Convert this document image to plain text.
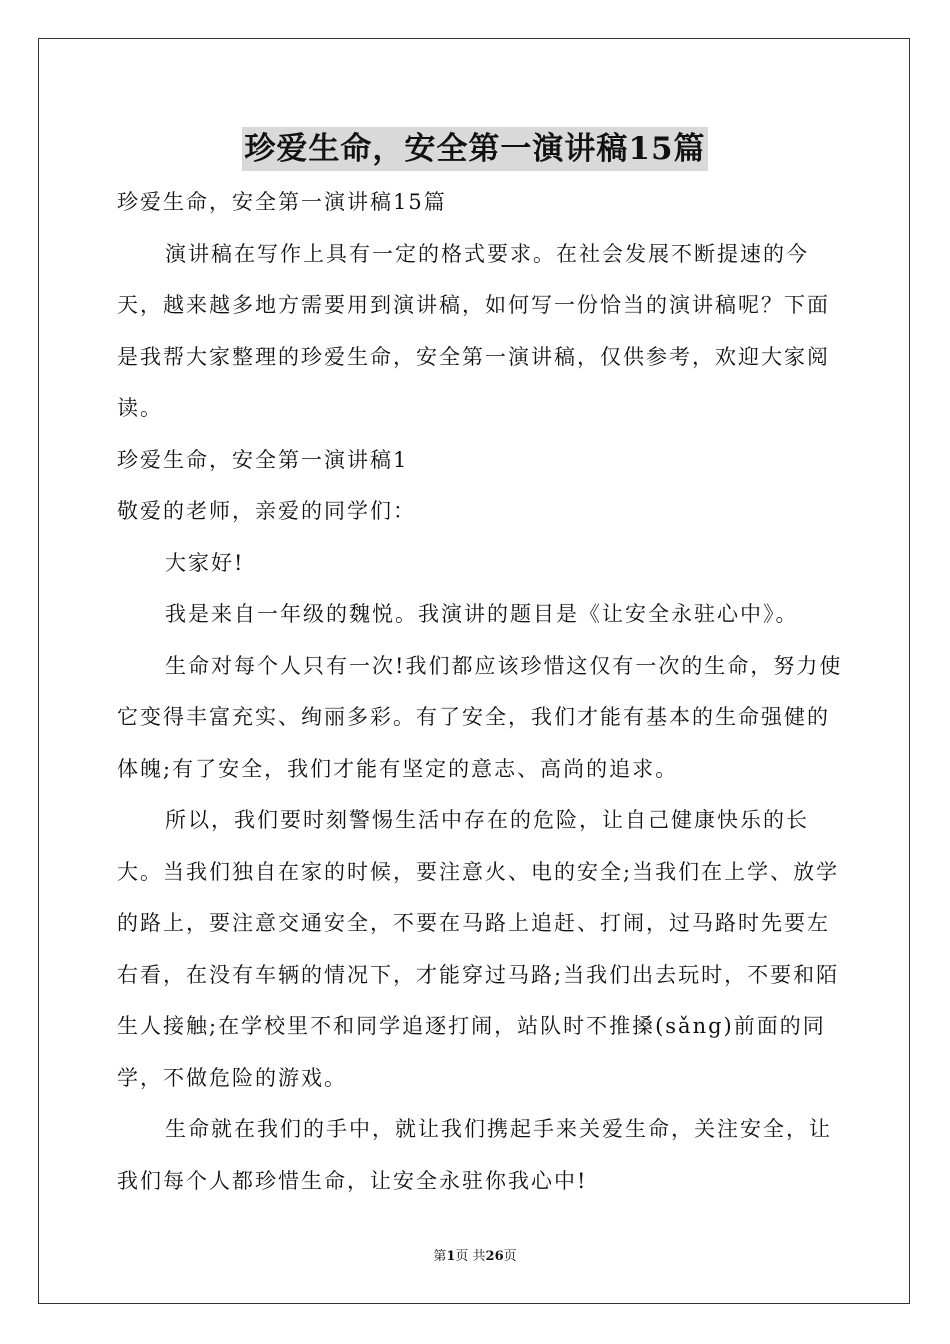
珍爱生命，安全第一演讲稿15篇

珍爱生命，安全第一演讲稿15篇

演讲稿在写作上具有一定的格式要求。在社会发展不断提速的今天，越来越多地方需要用到演讲稿，如何写一份恰当的演讲稿呢？下面是我帮大家整理的珍爱生命，安全第一演讲稿，仅供参考，欢迎大家阅读。

珍爱生命，安全第一演讲稿1

敬爱的老师，亲爱的同学们：

大家好!

我是来自一年级的魏悦。我演讲的题目是《让安全永驻心中》。

生命对每个人只有一次!我们都应该珍惜这仅有一次的生命，努力使它变得丰富充实、绚丽多彩。有了安全，我们才能有基本的生命强健的体魄;有了安全，我们才能有坚定的意志、高尚的追求。

所以，我们要时刻警惕生活中存在的危险，让自己健康快乐的长大。当我们独自在家的时候，要注意火、电的安全;当我们在上学、放学的路上，要注意交通安全，不要在马路上追赶、打闹，过马路时先要左右看，在没有车辆的情况下，才能穿过马路;当我们出去玩时，不要和陌生人接触;在学校里不和同学追逐打闹，站队时不推搡(sǎng)前面的同学，不做危险的游戏。

生命就在我们的手中，就让我们携起手来关爱生命，关注安全，让我们每个人都珍惜生命，让安全永驻你我心中!

第1页 共26页
